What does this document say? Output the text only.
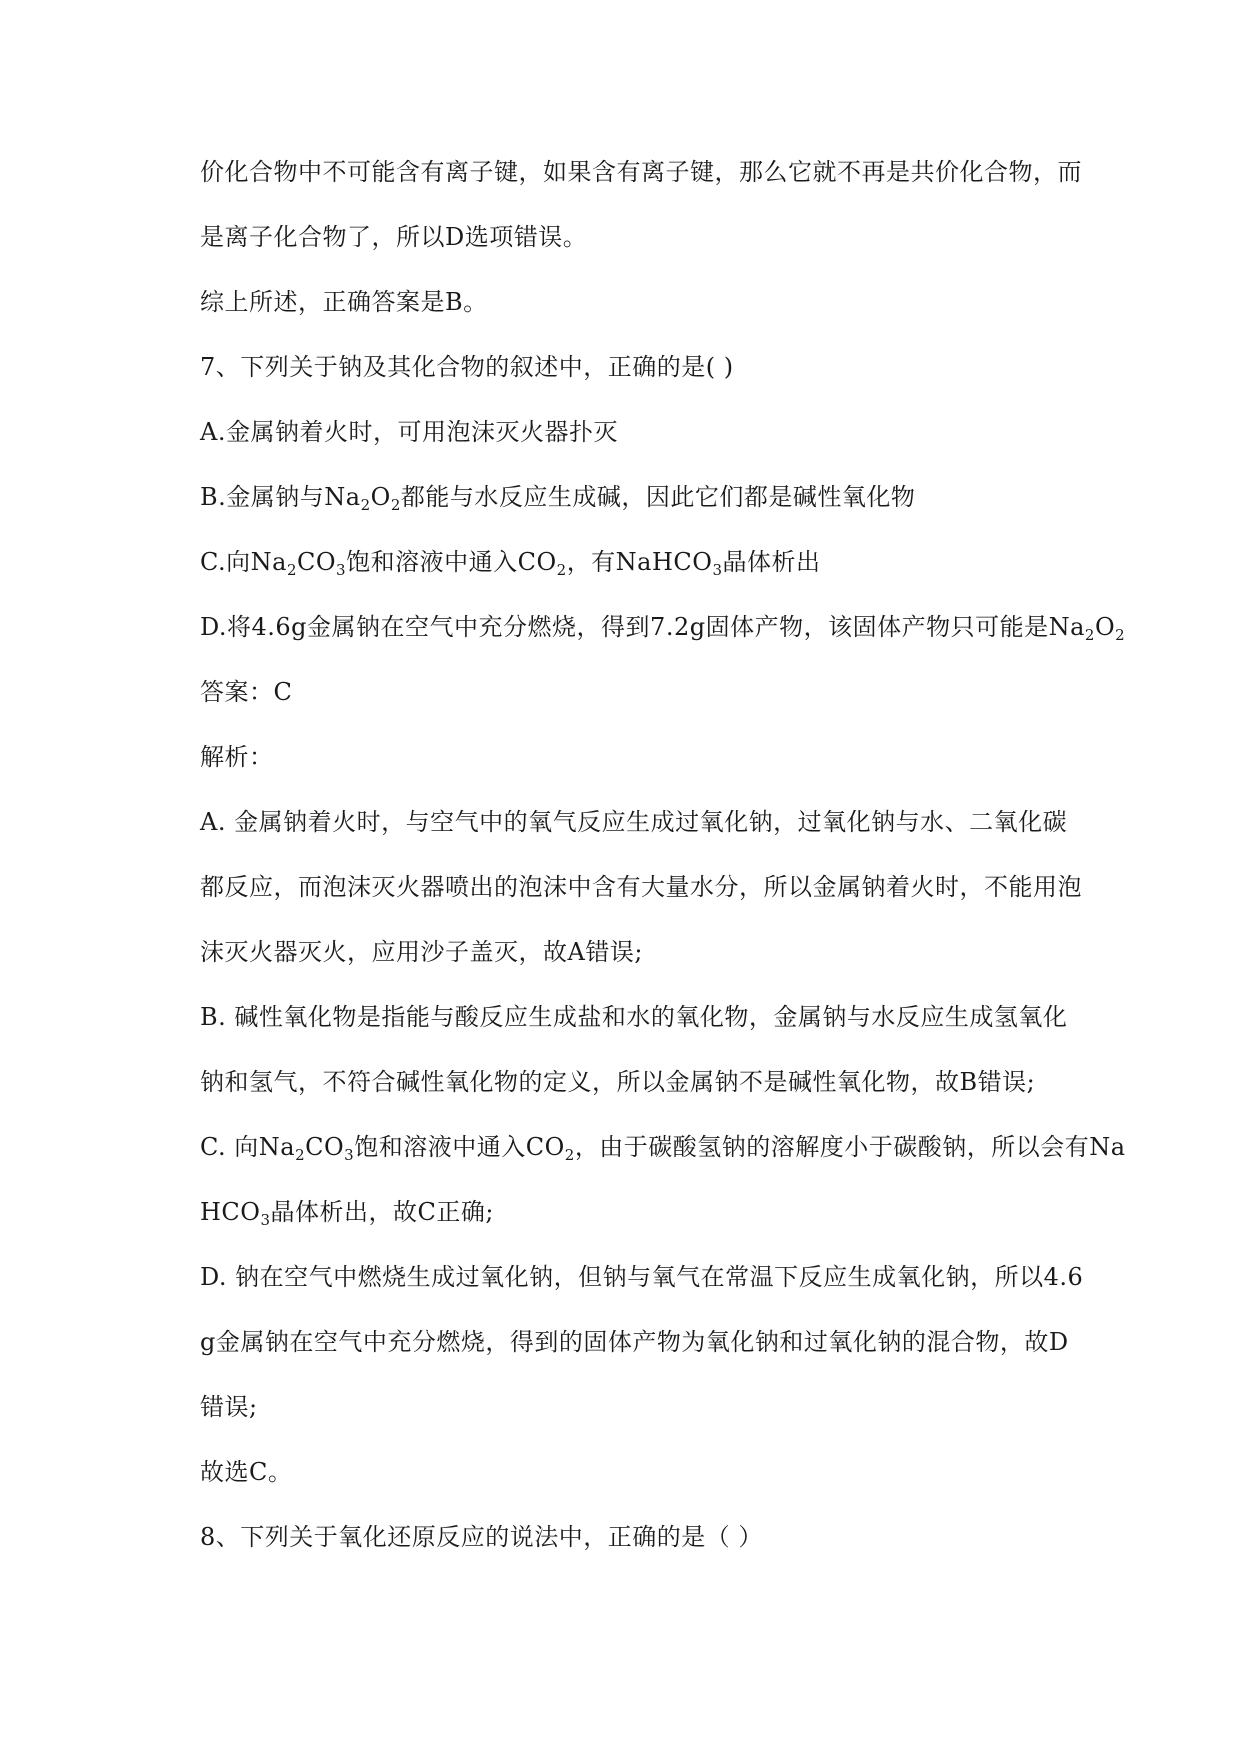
价化合物中不可能含有离子键，如果含有离子键，那么它就不再是共价化合物，而
是离子化合物了，所以D选项错误。
综上所述，正确答案是B。
7、下列关于钠及其化合物的叙述中，正确的是( )
A.金属钠着火时，可用泡沫灭火器扑灭
B.金属钠与$Na_2O_2$都能与水反应生成碱，因此它们都是碱性氧化物
C.向$Na_2CO_3$饱和溶液中通入$CO_2$，有NaHCO$_3$晶体析出
D.将4.6g金属钠在空气中充分燃烧，得到7.2g固体产物，该固体产物只可能是$Na_2O_2$
答案：C
解析：
A. 金属钠着火时，与空气中的氧气反应生成过氧化钠，过氧化钠与水、二氧化碳
都反应，而泡沫灭火器喷出的泡沫中含有大量水分，所以金属钠着火时，不能用泡
沫灭火器灭火，应用沙子盖灭，故A错误;
B. 碱性氧化物是指能与酸反应生成盐和水的氧化物，金属钠与水反应生成氢氧化
钠和氢气，不符合碱性氧化物的定义，所以金属钠不是碱性氧化物，故B错误;
C. 向$Na_2CO_3$饱和溶液中通入$CO_2$，由于碳酸氢钠的溶解度小于碳酸钠，所以会有Na
$HCO_3$晶体析出，故C正确;
D. 钠在空气中燃烧生成过氧化钠，但钠与氧气在常温下反应生成氧化钠，所以4.6
g金属钠在空气中充分燃烧，得到的固体产物为氧化钠和过氧化钠的混合物，故D
错误;
故选C。
8、下列关于氧化还原反应的说法中，正确的是（ ）
